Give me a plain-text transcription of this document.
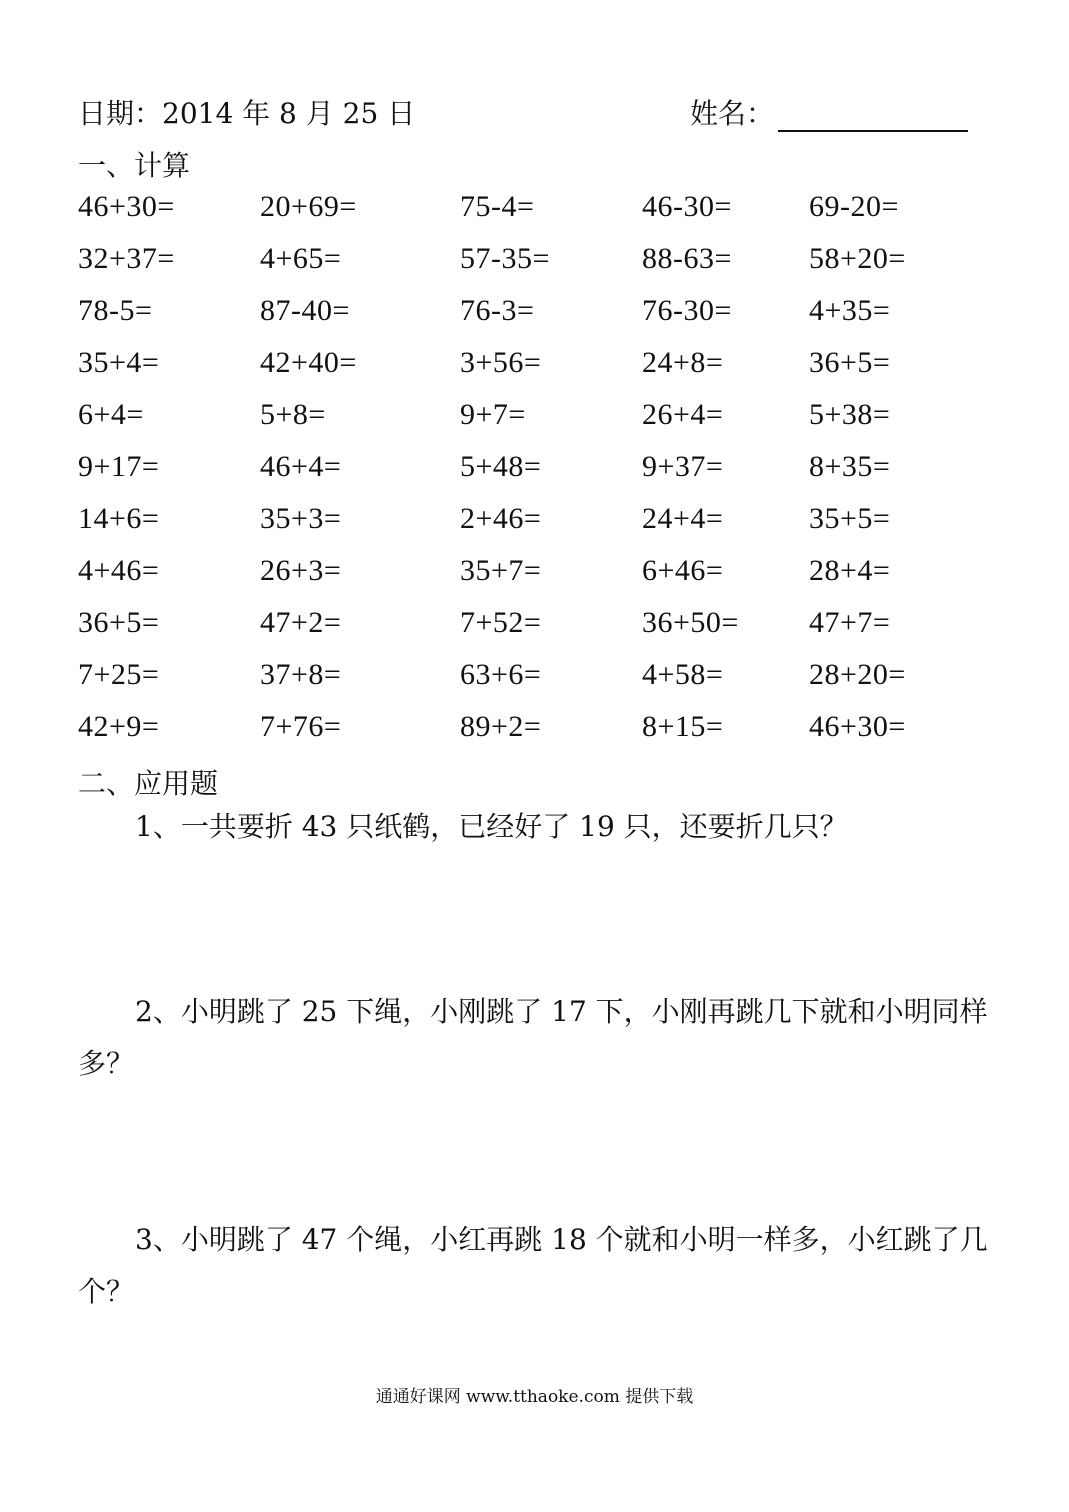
日期：2014 年 8 月 25 日	姓名：
一、计算
46+30=	20+69=	75-4=	46-30=	69-20=
32+37=	4+65=	57-35=	88-63=	58+20=
78-5=	87-40=	76-3=	76-30=	4+35=
35+4=	42+40=	3+56=	24+8=	36+5=
6+4=	5+8=	9+7=	26+4=	5+38=
9+17=	46+4=	5+48=	9+37=	8+35=
14+6=	35+3=	2+46=	24+4=	35+5=
4+46=	26+3=	35+7=	6+46=	28+4=
36+5=	47+2=	7+52=	36+50= 47+7=
7+25=	37+8=	63+6=	4+58=	28+20=
42+9=	7+76=	89+2=	8+15=	46+30=
二、应用题
1、一共要折 43 只纸鹤，已经好了 19 只，还要折几只？
2、小明跳了 25 下绳，小刚跳了 17 下，小刚再跳几下就和小明同样多？
3、小明跳了 47 个绳，小红再跳 18 个就和小明一样多，小红跳了几个？
通通好课网 www.tthaoke.com 提供下载
